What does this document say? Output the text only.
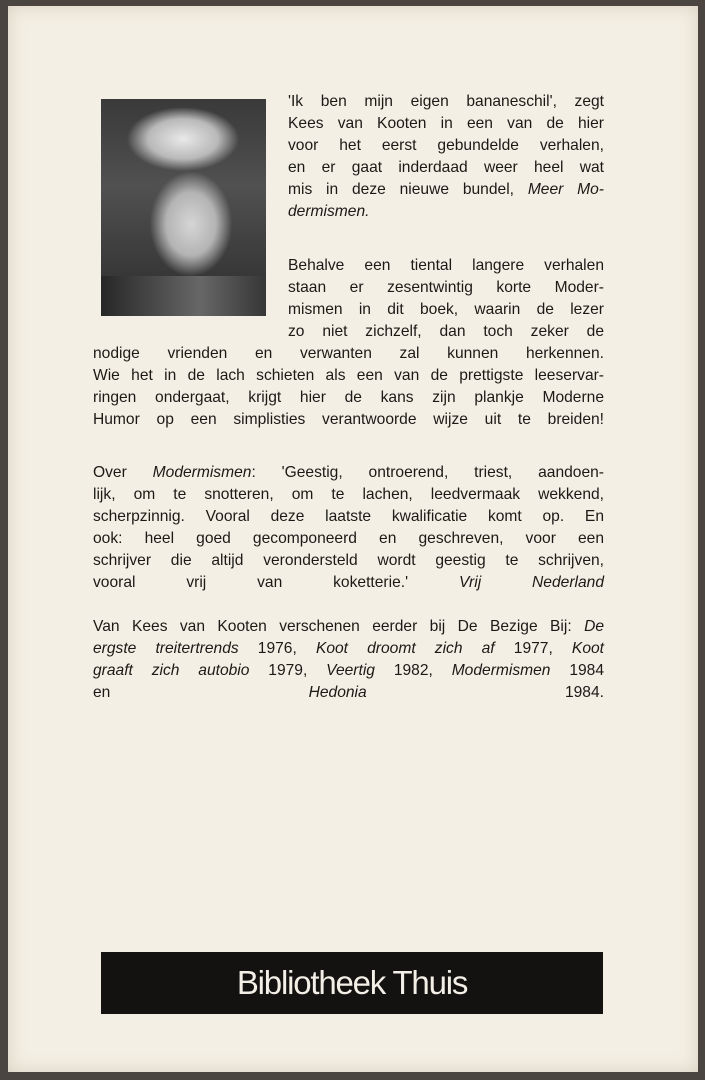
'Ik ben mijn eigen bananeschil', zegt
Kees van Kooten in een van de hier
voor het eerst gebundelde verhalen,
en er gaat inderdaad weer heel wat
mis in deze nieuwe bundel, Meer Mo-
dermismen.
Behalve een tiental langere verhalen
staan er zesentwintig korte Moder-
mismen in dit boek, waarin de lezer
zo niet zichzelf, dan toch zeker de
nodige vrienden en verwanten zal kunnen herkennen.
Wie het in de lach schieten als een van de prettigste leeservar-
ringen ondergaat, krijgt hier de kans zijn plankje Moderne
Humor op een simplisties verantwoorde wijze uit te breiden!
Over Modermismen: 'Geestig, ontroerend, triest, aandoen-
lijk, om te snotteren, om te lachen, leedvermaak wekkend,
scherpzinnig. Vooral deze laatste kwalificatie komt op. En
ook: heel goed gecomponeerd en geschreven, voor een
schrijver die altijd verondersteld wordt geestig te schrijven,
vooral vrij van koketterie.'	Vrij Nederland
Van Kees van Kooten verschenen eerder bij De Bezige Bij: De
ergste treitertrends 1976, Koot droomt zich af 1977, Koot
graaft zich autobio 1979, Veertig 1982, Modermismen 1984
en Hedonia 1984.
Bibliotheek Thuis
